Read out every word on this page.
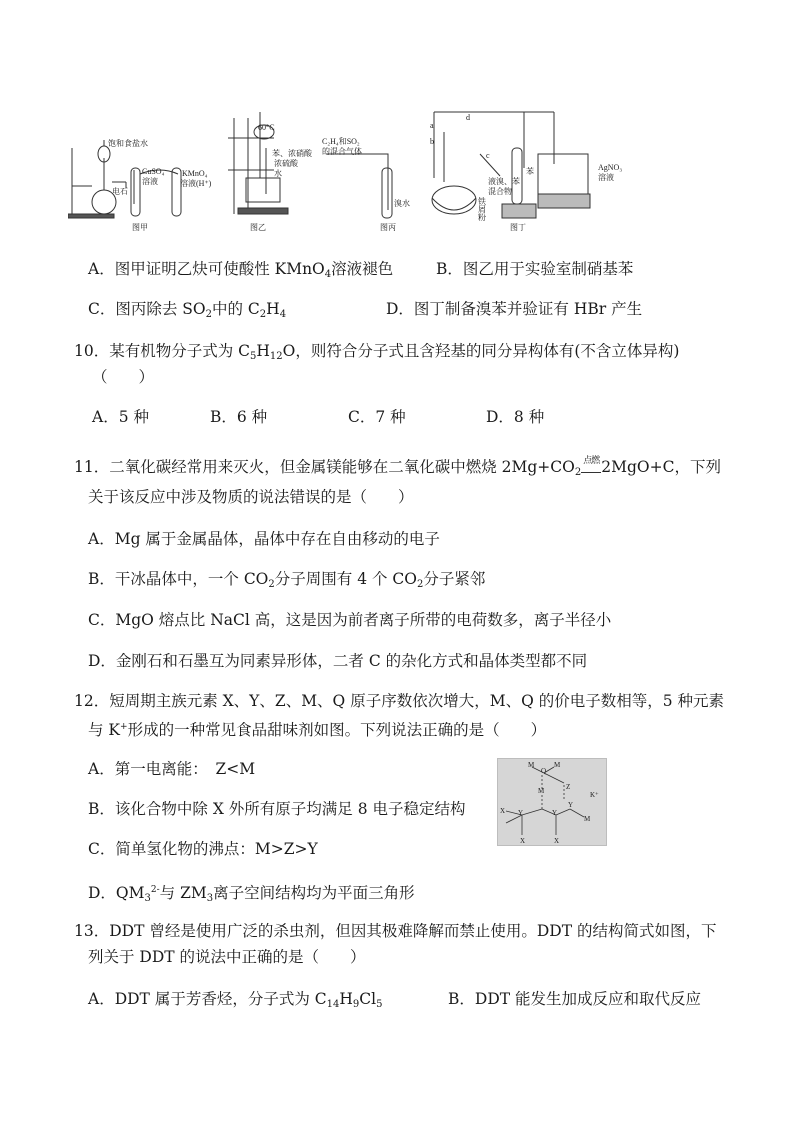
饱和食盐水
电石
CuSO₄
溶液
KMnO₄
溶液(H⁺)
图甲
60°C
苯、浓硝酸
浓硫酸
水
图乙
C₂H₄和SO₂
的混合气体
溴水
图丙
a
b
c
d
液溴、苯
混合物
铁
屑
粉
苯	AgNO₃
溶液
图丁
A．图甲证明乙炔可使酸性 KMnO$_4$溶液褪色	B．图乙用于实验室制硝基苯
C．图丙除去 $SO_2$中的 $C_2H_4$	D．图丁制备溴苯并验证有 HBr 产生
10．某有机物分子式为 $C_5H_{12}O$，则符合分子式且含羟基的同分异构体有(不含立体异构)
（　　）
A．5 种	B．6 种	C．7 种	D．8 种
11．二氧化碳经常用来灭火，但金属镁能够在二氧化碳中燃烧 $2Mg+CO_2$点燃 2MgO+C，下列
关于该反应中涉及物质的说法错误的是（　　）
A．Mg 属于金属晶体，晶体中存在自由移动的电子
B．干冰晶体中，一个 $CO_2$分子周围有 4 个 $CO_2$分子紧邻
C．MgO 熔点比 NaCl 高，这是因为前者离子所带的电荷数多，离子半径小
D．金刚石和石墨互为同素异形体，二者 C 的杂化方式和晶体类型都不同
12．短周期主族元素 X、Y、Z、M、Q 原子序数依次增大，M、Q 的价电子数相等，5 种元素
与 K+形成的一种常见食品甜味剂如图。下列说法正确的是（　　）
A．第一电离能：　Z<M
B．该化合物中除 X 外所有原子均满足 8 电子稳定结构
C．简单氢化物的沸点：M>Z>Y
D．$QM_3^{2-}$与 $ZM_3$离子空间结构均为平面三角形
M
Q
M
M	Z
X Y	Y
Y
M
X	X
K⁺
13．DDT 曾经是使用广泛的杀虫剂，但因其极难降解而禁止使用。DDT 的结构简式如图，下
列关于 DDT 的说法中正确的是（　　）
A．DDT 属于芳香烃，分子式为 $C_{14}H_9Cl_5$	B．DDT 能发生加成反应和取代反应
